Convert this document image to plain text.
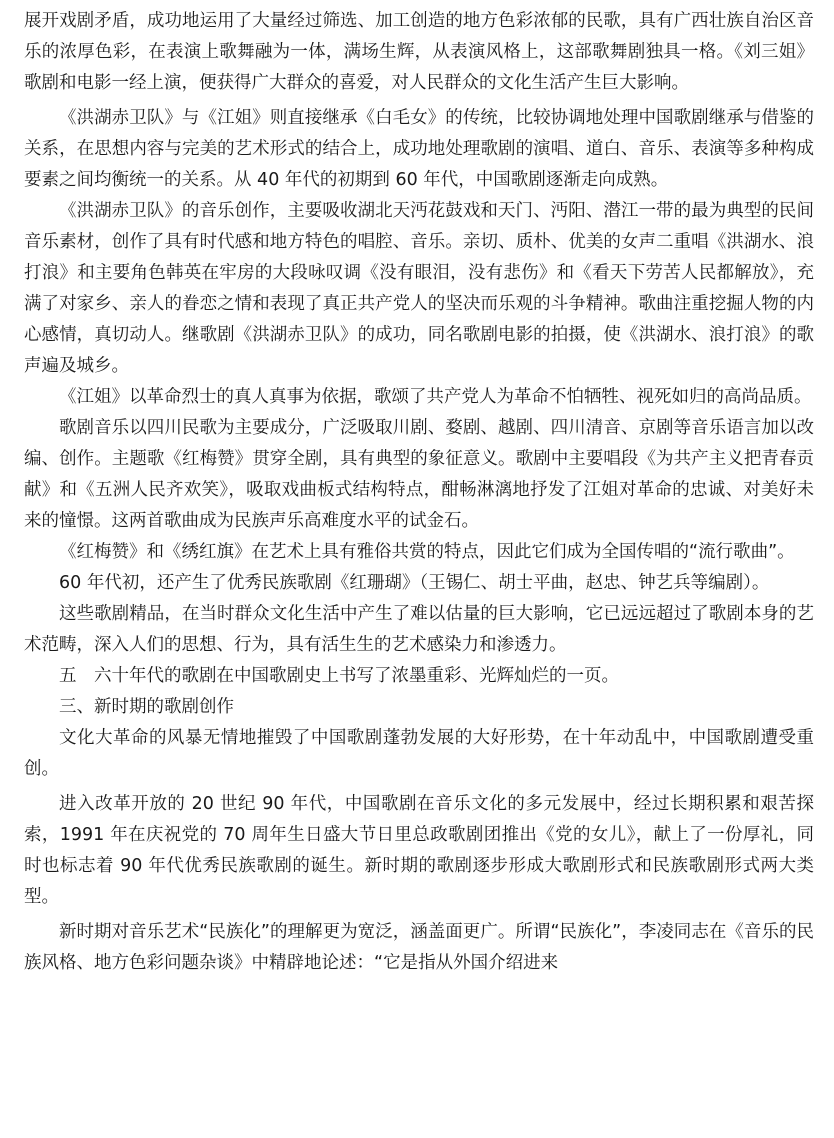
展开戏剧矛盾，成功地运用了大量经过筛选、加工创造的地方色彩浓郁的民歌，具有广西壮族自治区音乐的浓厚色彩，在表演上歌舞融为一体，满场生辉，从表演风格上，这部歌舞剧独具一格。《刘三姐》歌剧和电影一经上演，便获得广大群众的喜爱，对人民群众的文化生活产生巨大影响。

《洪湖赤卫队》与《江姐》则直接继承《白毛女》的传统，比较协调地处理中国歌剧继承与借鉴的关系，在思想内容与完美的艺术形式的结合上，成功地处理歌剧的演唱、道白、音乐、表演等多种构成要素之间均衡统一的关系。从 40 年代的初期到 60 年代，中国歌剧逐渐走向成熟。

《洪湖赤卫队》的音乐创作，主要吸收湖北天沔花鼓戏和天门、沔阳、潜江一带的最为典型的民间音乐素材，创作了具有时代感和地方特色的唱腔、音乐。亲切、质朴、优美的女声二重唱《洪湖水、浪打浪》和主要角色韩英在牢房的大段咏叹调《没有眼泪，没有悲伤》和《看天下劳苦人民都解放》，充满了对家乡、亲人的眷恋之情和表现了真正共产党人的坚决而乐观的斗争精神。歌曲注重挖掘人物的内心感情，真切动人。继歌剧《洪湖赤卫队》的成功，同名歌剧电影的拍摄，使《洪湖水、浪打浪》的歌声遍及城乡。

《江姐》以革命烈士的真人真事为依据，歌颂了共产党人为革命不怕牺牲、视死如归的高尚品质。

歌剧音乐以四川民歌为主要成分，广泛吸取川剧、婺剧、越剧、四川清音、京剧等音乐语言加以改编、创作。主题歌《红梅赞》贯穿全剧，具有典型的象征意义。歌剧中主要唱段《为共产主义把青春贡献》和《五洲人民齐欢笑》，吸取戏曲板式结构特点，酣畅淋漓地抒发了江姐对革命的忠诚、对美好未来的憧憬。这两首歌曲成为民族声乐高难度水平的试金石。

《红梅赞》和《绣红旗》在艺术上具有雅俗共赏的特点，因此它们成为全国传唱的“流行歌曲”。

60 年代初，还产生了优秀民族歌剧《红珊瑚》（王锡仁、胡士平曲，赵忠、钟艺兵等编剧）。

这些歌剧精品，在当时群众文化生活中产生了难以估量的巨大影响，它已远远超过了歌剧本身的艺术范畴，深入人们的思想、行为，具有活生生的艺术感染力和渗透力。

五　六十年代的歌剧在中国歌剧史上书写了浓墨重彩、光辉灿烂的一页。

三、新时期的歌剧创作

文化大革命的风暴无情地摧毁了中国歌剧蓬勃发展的大好形势，在十年动乱中，中国歌剧遭受重创。

进入改革开放的 20 世纪 90 年代，中国歌剧在音乐文化的多元发展中，经过长期积累和艰苦探索，1991 年在庆祝党的 70 周年生日盛大节日里总政歌剧团推出《党的女儿》，献上了一份厚礼，同时也标志着 90 年代优秀民族歌剧的诞生。新时期的歌剧逐步形成大歌剧形式和民族歌剧形式两大类型。

新时期对音乐艺术“民族化”的理解更为宽泛，涵盖面更广。所谓“民族化”，李凌同志在《音乐的民族风格、地方色彩问题杂谈》中精辟地论述：“它是指从外国介绍进来
